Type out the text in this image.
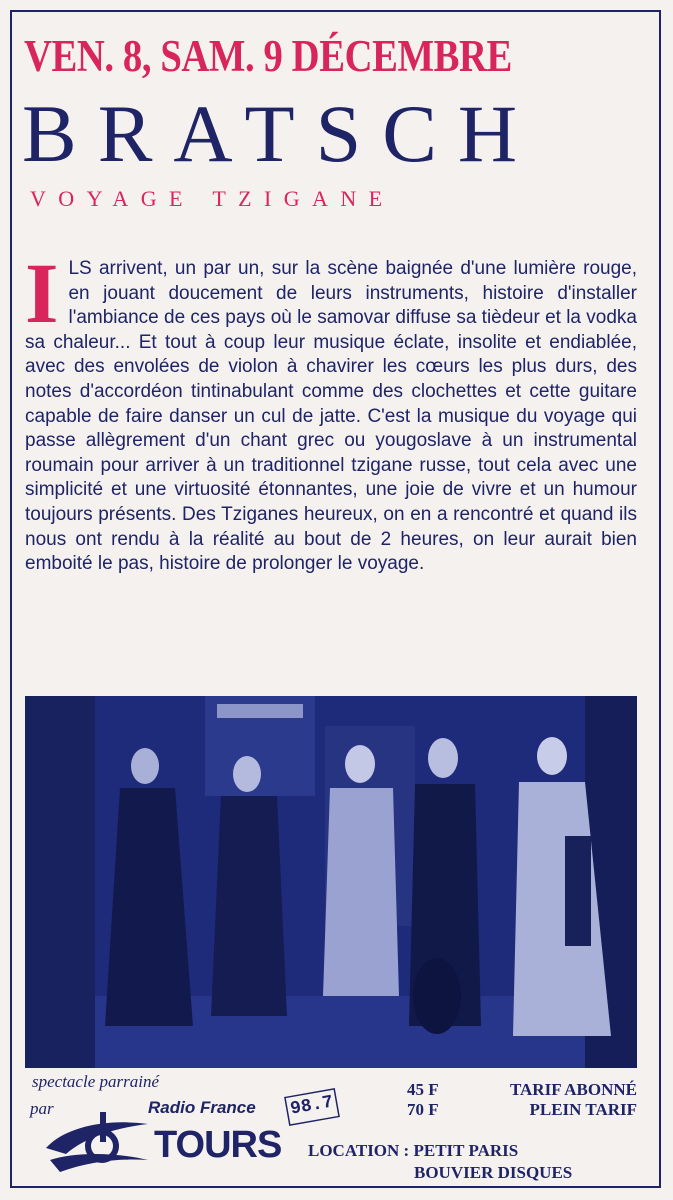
VEN. 8, SAM. 9 DÉCEMBRE
BRATSCH
VOYAGE TZIGANE
ILS arrivent, un par un, sur la scène baignée d'une lumière rouge, en jouant doucement de leurs instruments, histoire d'installer l'ambiance de ces pays où le samovar diffuse sa tièdeur et la vodka sa chaleur... Et tout à coup leur musique éclate, insolite et endiablée, avec des envolées de violon à chavirer les cœurs les plus durs, des notes d'accordéon tintinabulant comme des clochettes et cette guitare capable de faire danser un cul de jatte. C'est la musique du voyage qui passe allègrement d'un chant grec ou yougoslave à un instrumental roumain pour arriver à un traditionnel tzigane russe, tout cela avec une simplicité et une virtuosité étonnantes, une joie de vivre et un humour toujours présents. Des Tziganes heureux, on en a rencontré et quand ils nous ont rendu à la réalité au bout de 2 heures, on leur aurait bien emboité le pas, histoire de prolonger le voyage.
spectacle parrainé
par	Radio France
TOURS
98.7
45 F	TARIF ABONNÉ
70 F	PLEIN TARIF
LOCATION : PETIT PARIS
BOUVIER DISQUES
